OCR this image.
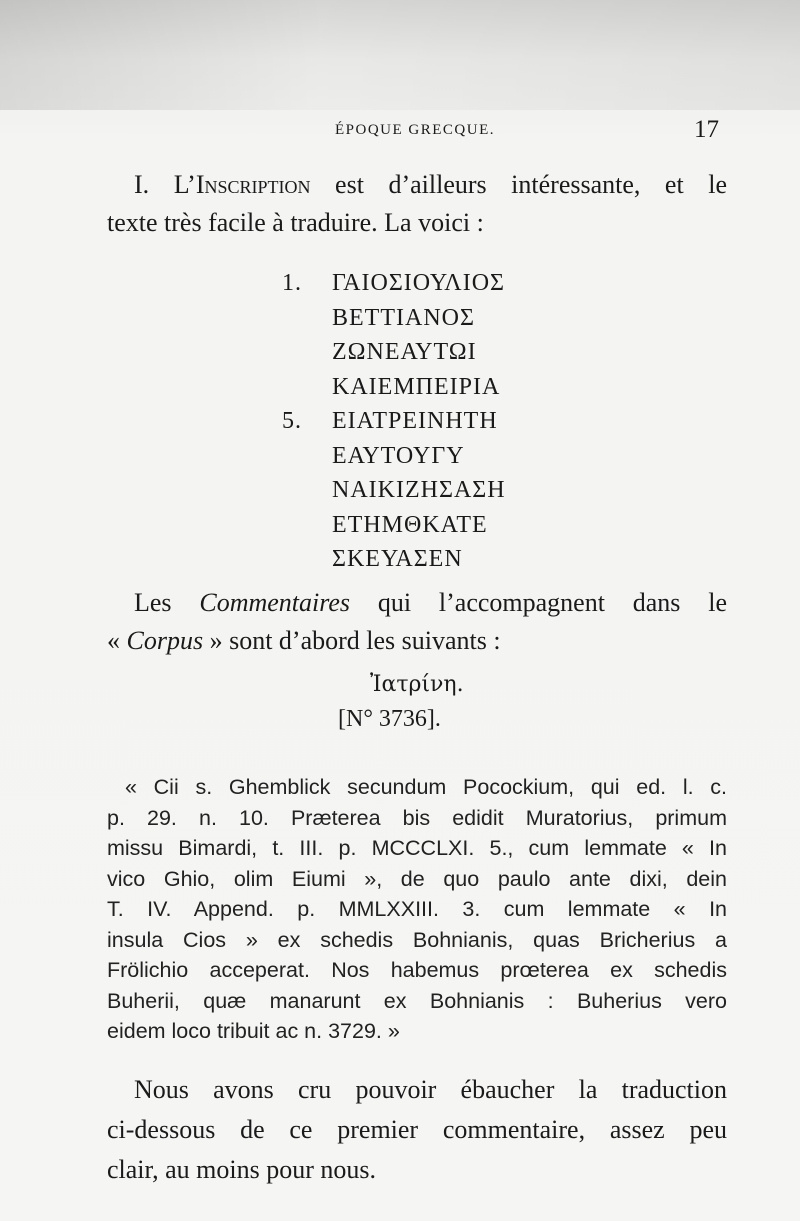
ÉPOQUE GRECQUE.	17

I. L’Inscription est d’ailleurs intéressante, et le
texte très facile à traduire. La voici :

1.	ΓΑΙΟΣΙΟΥΛΙΟΣ
ΒΕΤΤΙΑΝΟΣ
ΖΩΝΕΑΥΤΩΙ
ΚΑΙΕΜΠΕΙΡΙΑ
5.	ΕΙΑΤΡΕΙΝΗΤΗ
ΕΑΥΤΟΥΓΥ
ΝΑΙΚΙΖΗΣΑΣΗ
ΕΤΗΜΘΚΑΤΕ
ΣΚΕΥΑΣΕΝ

Les Commentaires qui l’accompagnent dans le
« Corpus » sont d’abord les suivants :

Ἰατρίνη.
[N° 3736].

« Cii s. Ghemblick secundum Pocockium, qui ed. l. c.
p. 29. n. 10. Præterea bis edidit Muratorius, primum
missu Bimardi, t. III. p. MCCCLXI. 5., cum lemmate « In
vico Ghio, olim Eiumi », de quo paulo ante dixi, dein
T. IV. Append. p. MMLXXIII. 3. cum lemmate « In
insula Cios » ex schedis Bohnianis, quas Bricherius a
Frölichio acceperat. Nos habemus prœterea ex schedis
Buherii, quæ manarunt ex Bohnianis : Buherius vero
eidem loco tribuit ac n. 3729. »

Nous avons cru pouvoir ébaucher la traduction
ci-dessous de ce premier commentaire, assez peu
clair, au moins pour nous.
